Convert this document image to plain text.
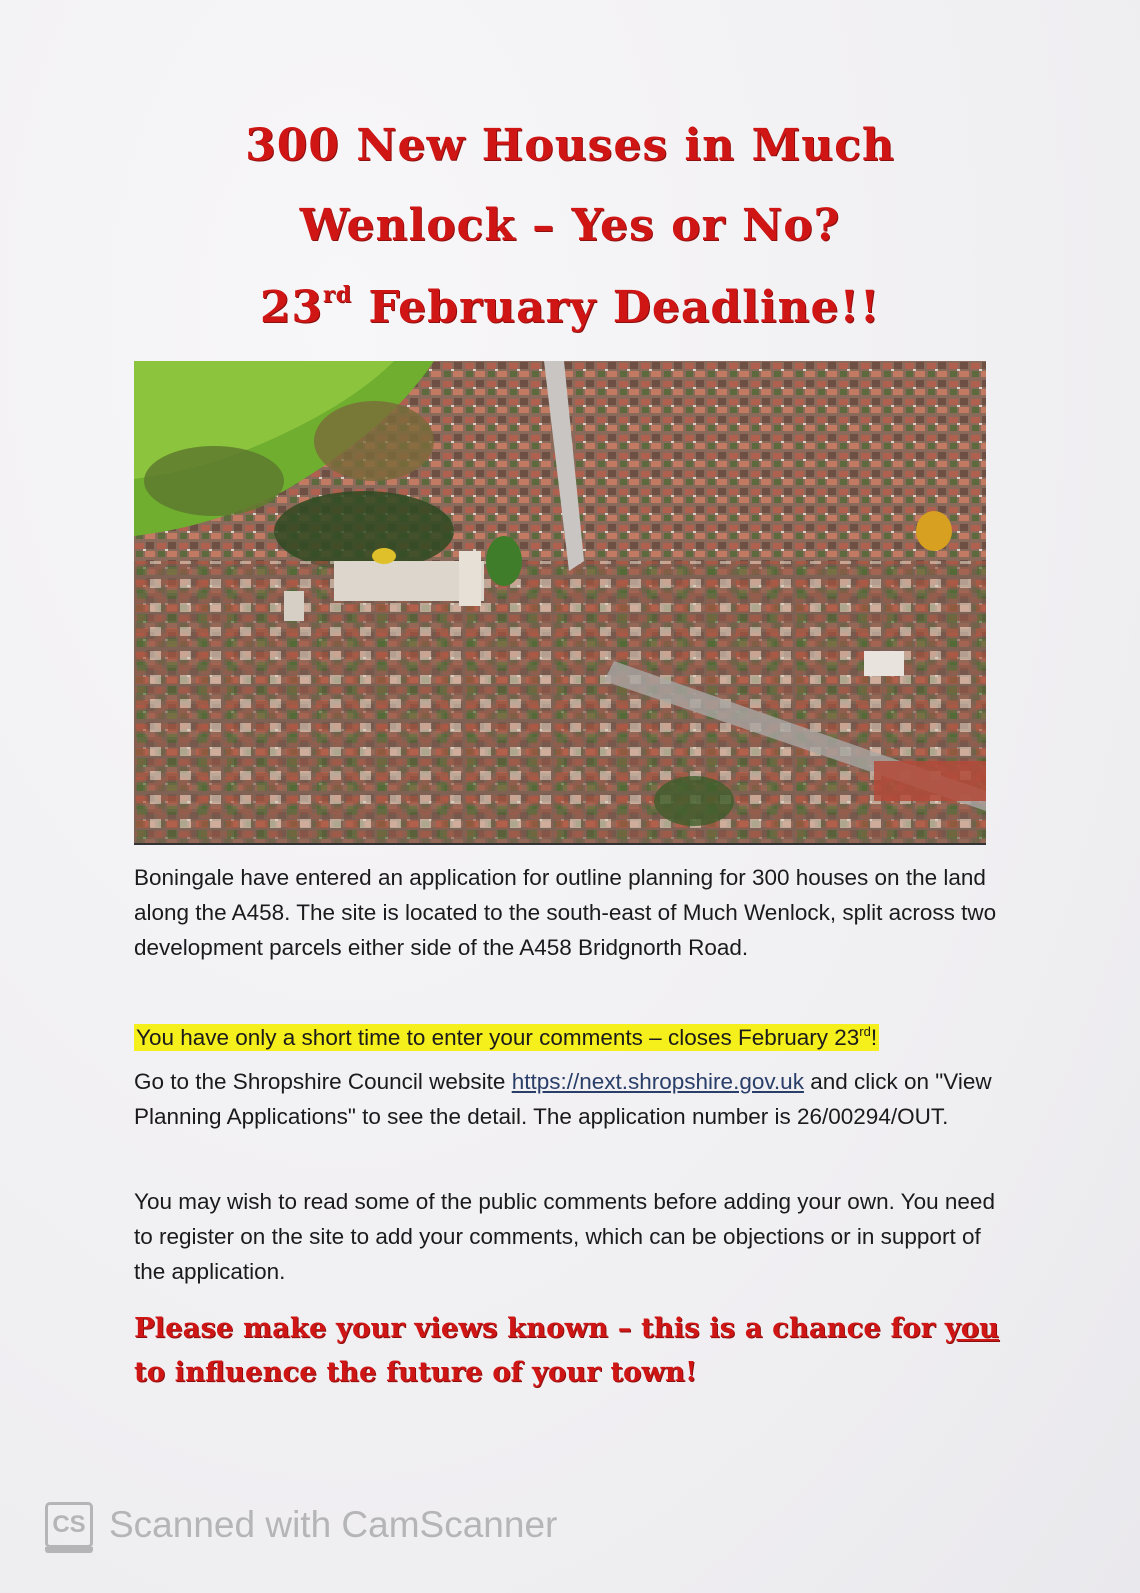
300 New Houses in Much
Wenlock – Yes or No?
23rd February Deadline!!
Boningale have entered an application for outline planning for 300 houses on the land along the A458. The site is located to the south-east of Much Wenlock, split across two development parcels either side of the A458 Bridgnorth Road.
You have only a short time to enter your comments – closes February 23rd!
Go to the Shropshire Council website https://next.shropshire.gov.uk and click on "View Planning Applications" to see the detail. The application number is 26/00294/OUT.
You may wish to read some of the public comments before adding your own. You need to register on the site to add your comments, which can be objections or in support of the application.
Please make your views known – this is a chance for you to influence the future of your town!
CS Scanned with CamScanner
